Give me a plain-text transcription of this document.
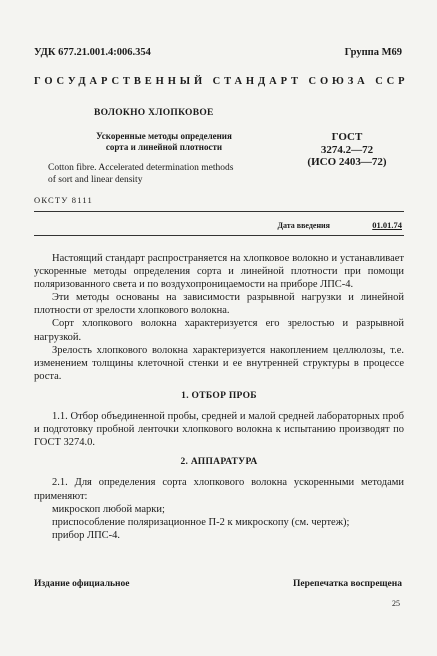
УДК 677.21.001.4:006.354	Группа М69
ГОСУДАРСТВЕННЫЙ СТАНДАРТ СОЮЗА ССР
ВОЛОКНО ХЛОПКОВОЕ
Ускоренные методы определения
сорта и линейной плотности
ГОСТ
3274.2—72
(ИСО 2403—72)
Cotton fibre. Accelerated determination methods
of sort and linear density
ОКСТУ 8111
Дата введения	01.01.74

Настоящий стандарт распространяется на хлопковое волокно и устанавливает ускоренные методы определения сорта и линейной плотности при помощи поляризованного света и по воздухопроницаемости на приборе ЛПС-4.

Эти методы основаны на зависимости разрывной нагрузки и линейной плотности от зрелости хлопкового волокна.

Сорт хлопкового волокна характеризуется его зрелостью и разрывной нагрузкой.

Зрелость хлопкового волокна характеризуется накоплением целлюлозы, т.е. изменением толщины клеточной стенки и ее внутренней структуры в процессе роста.

1. ОТБОР ПРОБ

1.1. Отбор объединенной пробы, средней и малой средней лабораторных проб и подготовку пробной ленточки хлопкового волокна к испытанию производят по ГОСТ 3274.0.

2. АППАРАТУРА

2.1. Для определения сорта хлопкового волокна ускоренными методами применяют:

микроскоп любой марки;

приспособление поляризационное П-2 к микроскопу (см. чертеж);

прибор ЛПС-4.

Издание официальное	Перепечатка воспрещена
25
